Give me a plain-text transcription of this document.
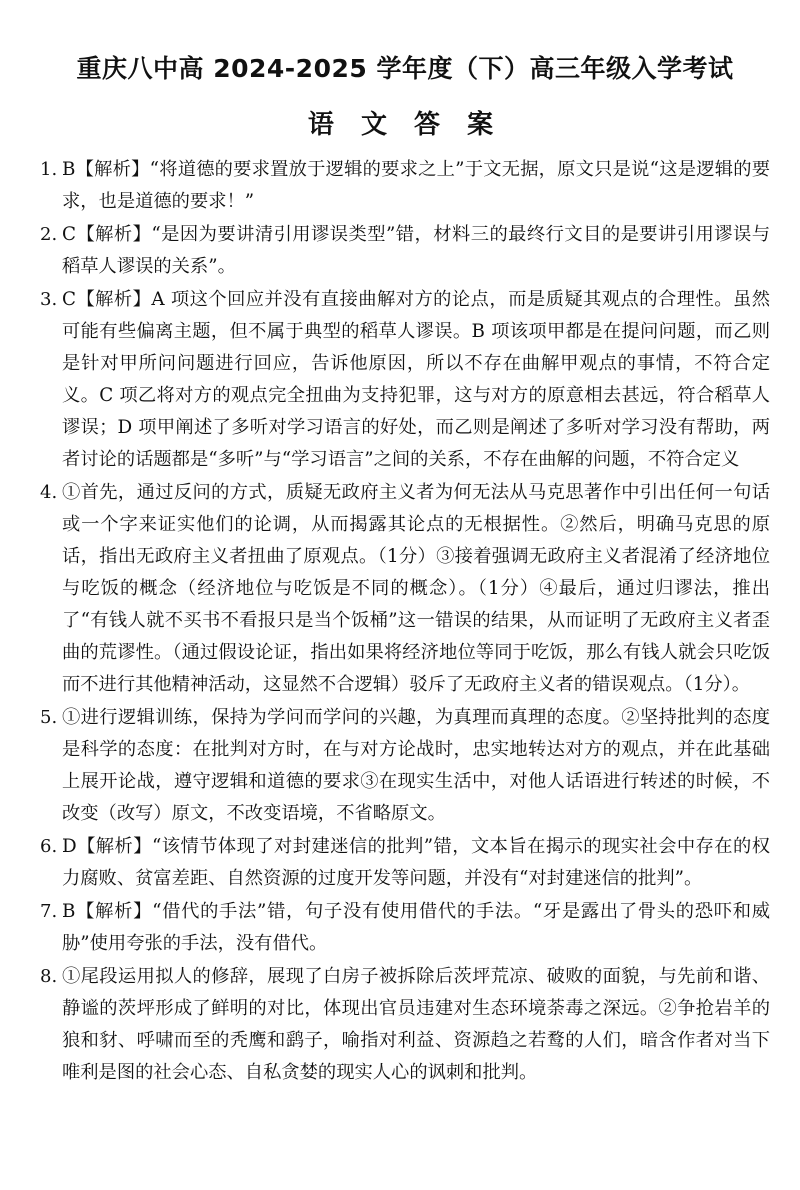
重庆八中高 2024-2025 学年度（下）高三年级入学考试
语 文 答 案
1. B【解析】“将道德的要求置放于逻辑的要求之上”于文无据，原文只是说“这是逻辑的要求，也是道德的要求！”
2. C【解析】“是因为要讲清引用谬误类型”错，材料三的最终行文目的是要讲引用谬误与稻草人谬误的关系”。
3. C【解析】A 项这个回应并没有直接曲解对方的论点，而是质疑其观点的合理性。虽然可能有些偏离主题，但不属于典型的稻草人谬误。B 项该项甲都是在提问问题，而乙则是针对甲所问问题进行回应，告诉他原因，所以不存在曲解甲观点的事情，不符合定义。C 项乙将对方的观点完全扭曲为支持犯罪，这与对方的原意相去甚远，符合稻草人谬误；D 项甲阐述了多听对学习语言的好处，而乙则是阐述了多听对学习没有帮助，两者讨论的话题都是“多听”与“学习语言”之间的关系，不存在曲解的问题，不符合定义
4. ①首先，通过反问的方式，质疑无政府主义者为何无法从马克思著作中引出任何一句话或一个字来证实他们的论调，从而揭露其论点的无根据性。②然后，明确马克思的原话，指出无政府主义者扭曲了原观点。（1分）③接着强调无政府主义者混淆了经济地位与吃饭的概念（经济地位与吃饭是不同的概念）。（1分）④最后，通过归谬法，推出了“有钱人就不买书不看报只是当个饭桶”这一错误的结果，从而证明了无政府主义者歪曲的荒谬性。（通过假设论证，指出如果将经济地位等同于吃饭，那么有钱人就会只吃饭而不进行其他精神活动，这显然不合逻辑）驳斥了无政府主义者的错误观点。（1分）。
5. ①进行逻辑训练，保持为学问而学问的兴趣，为真理而真理的态度。②坚持批判的态度是科学的态度：在批判对方时，在与对方论战时，忠实地转达对方的观点，并在此基础上展开论战，遵守逻辑和道德的要求③在现实生活中，对他人话语进行转述的时候，不改变（改写）原文，不改变语境，不省略原文。
6. D【解析】“该情节体现了对封建迷信的批判”错，文本旨在揭示的现实社会中存在的权力腐败、贫富差距、自然资源的过度开发等问题，并没有“对封建迷信的批判”。
7. B【解析】“借代的手法”错，句子没有使用借代的手法。“牙是露出了骨头的恐吓和威胁”使用夸张的手法，没有借代。
8. ①尾段运用拟人的修辞，展现了白房子被拆除后茨坪荒凉、破败的面貌，与先前和谐、静谧的茨坪形成了鲜明的对比，体现出官员违建对生态环境荼毒之深远。②争抢岩羊的狼和豺、呼啸而至的秃鹰和鹞子，喻指对利益、资源趋之若鹜的人们，暗含作者对当下唯利是图的社会心态、自私贪婪的现实人心的讽刺和批判。
